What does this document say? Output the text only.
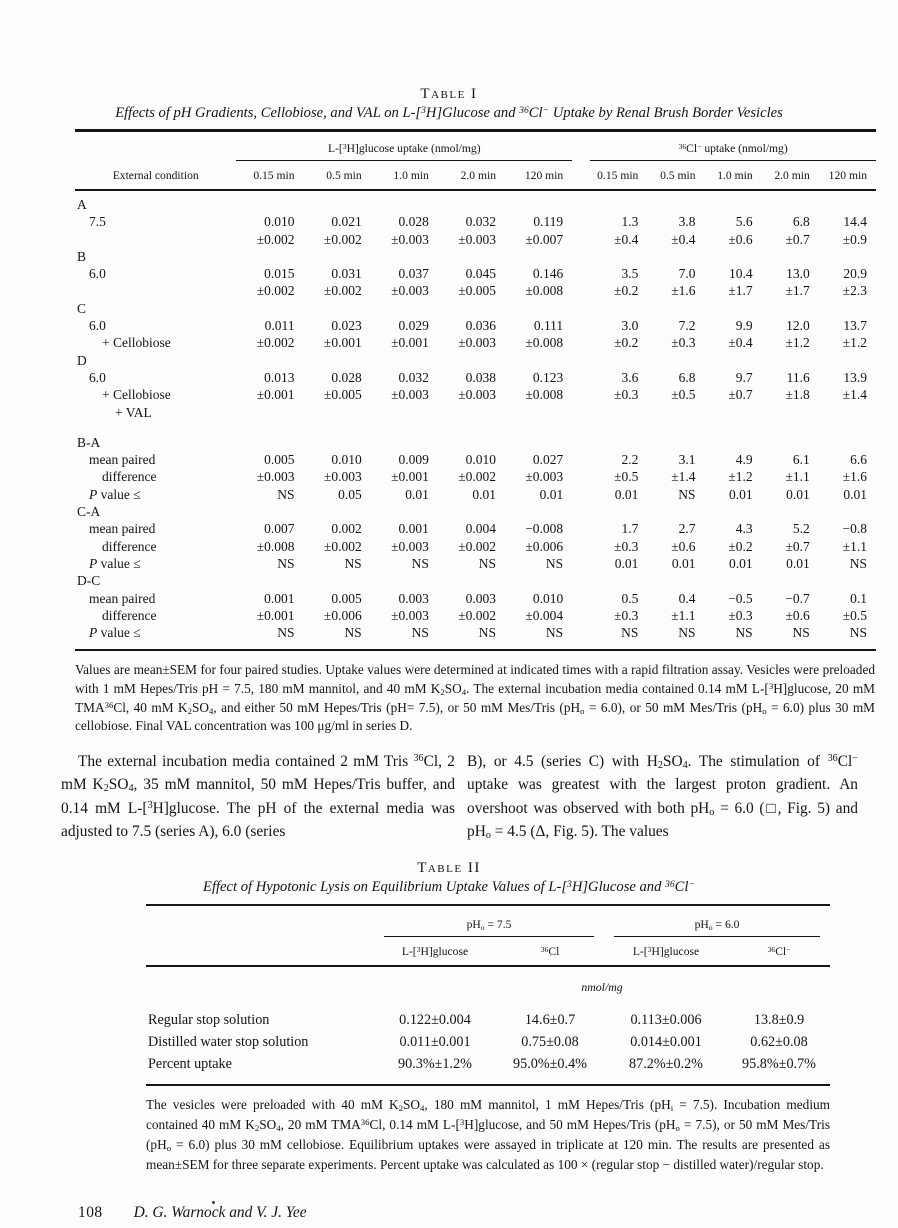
Table I
Effects of pH Gradients, Cellobiose, and VAL on L-[$^3$H]Glucose and $^{36}$Cl− Uptake by Renal Brush Border Vesicles
External condition	L-[$^3$H]glucose uptake (nmol/mg)						$^{36}$Cl− uptake (nmol/mg)				
	0.15 min	0.5 min	1.0 min	2.0 min	120 min		0.15 min	0.5 min	1.0 min	2.0 min	120 min
A											
7.5	0.010	0.021	0.028	0.032	0.119		1.3	3.8	5.6	6.8	14.4
	±0.002	±0.002	±0.003	±0.003	±0.007		±0.4	±0.4	±0.6	±0.7	±0.9
B											
6.0	0.015	0.031	0.037	0.045	0.146		3.5	7.0	10.4	13.0	20.9
	±0.002	±0.002	±0.003	±0.005	±0.008		±0.2	±1.6	±1.7	±1.7	±2.3
C											
6.0	0.011	0.023	0.029	0.036	0.111		3.0	7.2	9.9	12.0	13.7
+ Cellobiose	±0.002	±0.001	±0.001	±0.003	±0.008		±0.2	±0.3	±0.4	±1.2	±1.2
D											
6.0	0.013	0.028	0.032	0.038	0.123		3.6	6.8	9.7	11.6	13.9
+ Cellobiose	±0.001	±0.005	±0.003	±0.003	±0.008		±0.3	±0.5	±0.7	±1.8	±1.4
+ VAL											
B-A											
mean paired	0.005	0.010	0.009	0.010	0.027		2.2	3.1	4.9	6.1	6.6
difference	±0.003	±0.003	±0.001	±0.002	±0.003		±0.5	±1.4	±1.2	±1.1	±1.6
P value ≤	NS	0.05	0.01	0.01	0.01		0.01	NS	0.01	0.01	0.01
C-A											
mean paired	0.007	0.002	0.001	0.004	−0.008		1.7	2.7	4.3	5.2	−0.8
difference	±0.008	±0.002	±0.003	±0.002	±0.006		±0.3	±0.6	±0.2	±0.7	±1.1
P value ≤	NS	NS	NS	NS	NS		0.01	0.01	0.01	0.01	NS
D-C											
mean paired	0.001	0.005	0.003	0.003	0.010		0.5	0.4	−0.5	−0.7	0.1
difference	±0.001	±0.006	±0.003	±0.002	±0.004		±0.3	±1.1	±0.3	±0.6	±0.5
P value ≤	NS	NS	NS	NS	NS		NS	NS	NS	NS	NS
Values are mean±SEM for four paired studies. Uptake values were determined at indicated times with a rapid filtration assay. Vesicles were preloaded with 1 mM Hepes/Tris pH = 7.5, 180 mM mannitol, and 40 mM $K_2SO_4$. The external incubation media contained 0.14 mM L-[$^3$H]glucose, 20 mM TMA$^{36}$Cl, 40 mM $K_2SO_4$, and either 50 mM Hepes/Tris (pH= 7.5), or 50 mM Mes/Tris $(pH_o = 6.0)$, or 50 mM Mes/Tris $(pH_o = 6.0)$ plus 30 mM cellobiose. Final VAL concentration was 100 μg/ml in series D.
The external incubation media contained 2 mM Tris $^{36}$Cl, 2 mM $K_2SO_4$, 35 mM mannitol, 50 mM Hepes/Tris buffer, and 0.14 mM L-[$^3$H]glucose. The pH of the external media was adjusted to 7.5 (series A), 6.0 (series
B), or 4.5 (series C) with $H_2SO_4$. The stimulation of $^{36}$Cl− uptake was greatest with the largest proton gradient. An overshoot was observed with both $pH_o = 6.0$ (□, Fig. 5) and $pH_o = 4.5$ (Δ, Fig. 5). The values
Table II
Effect of Hypotonic Lysis on Equilibrium Uptake Values of L-[$^3$H]Glucose and $^{36}$Cl−

	$pH_o = 7.5$		$pH_o = 6.0$	

	L-[$^3$H]glucose	$^{36}$Cl	L-[$^3$H]glucose	$^{36}$Cl−
	nmol/mg			
Regular stop solution	0.122±0.004	14.6±0.7	0.113±0.006	13.8±0.9
Distilled water stop solution	0.011±0.001	0.75±0.08	0.014±0.001	0.62±0.08
Percent uptake	90.3%±1.2%	95.0%±0.4%	87.2%±0.2%	95.8%±0.7%
The vesicles were preloaded with 40 mM $K_2SO_4$, 180 mM mannitol, 1 mM Hepes/Tris $(pH_i = 7.5)$. Incubation medium contained 40 mM $K_2SO_4$, 20 mM TMA$^{36}$Cl, 0.14 mM L-[$^3$H]glucose, and 50 mM Hepes/Tris $(pH_o = 7.5)$, or 50 mM Mes/Tris $(pH_o = 6.0)$ plus 30 mM cellobiose. Equilibrium uptakes were assayed in triplicate at 120 min. The results are presented as mean±SEM for three separate experiments. Percent uptake was calculated as 100 × (regular stop − distilled water)/regular stop.
108 D. G. Warnock and V. J. Yee
